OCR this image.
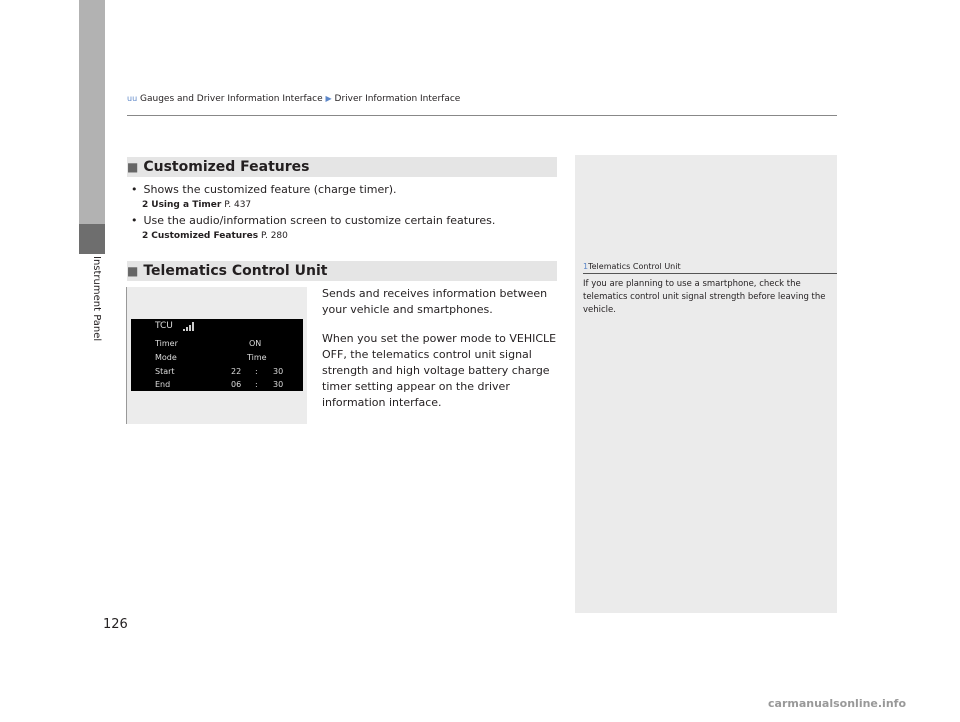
Instrument Panel
uu Gauges and Driver Information Interface ▶ Driver Information Interface
■ Customized Features
• Shows the customized feature (charge timer).
2 Using a Timer P. 437
• Use the audio/information screen to customize certain features.
2 Customized Features P. 280
■ Telematics Control Unit
Sends and receives information between your vehicle and smartphones.
When you set the power mode to VEHICLE OFF, the telematics control unit signal strength and high voltage battery charge timer setting appear on the driver information interface.
TCU
Timer	ON
Mode	Time
Start	22 : 30
End	06 : 30
1Telematics Control Unit
If you are planning to use a smartphone, check the telematics control unit signal strength before leaving the vehicle.
126
carmanualsonline.info
